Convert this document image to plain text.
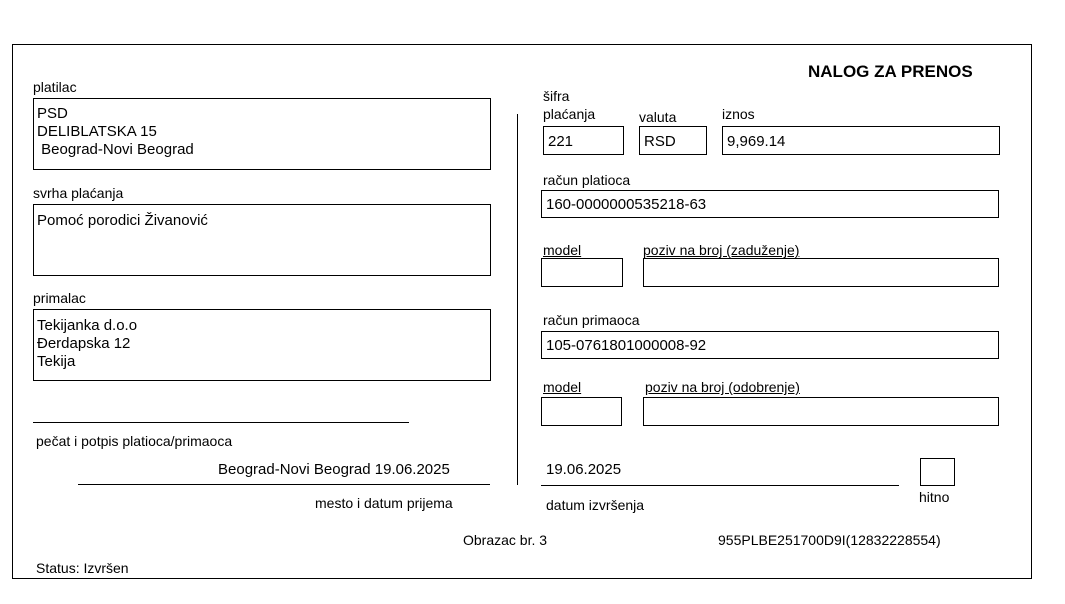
NALOG ZA PRENOS
platilac
PSD
DELIBLATSKA 15
Beograd-Novi Beograd
svrha plaćanja
Pomoć porodici Živanović
primalac
Tekijanka d.o.o
Đerdapska 12
Tekija
pečat i potpis platioca/primaoca
Beograd-Novi Beograd 19.06.2025
mesto i datum prijema
šifra
plaćanja	valuta	iznos
221	RSD	9,969.14
račun platioca
160-0000000535218-63
model	poziv na broj (zaduženje)
račun primaoca
105-0761801000008-92
model	poziv na broj (odobrenje)
19.06.2025
datum izvršenja	hitno
Obrazac br. 3	955PLBE251700D9I(12832228554)
Status: Izvršen
